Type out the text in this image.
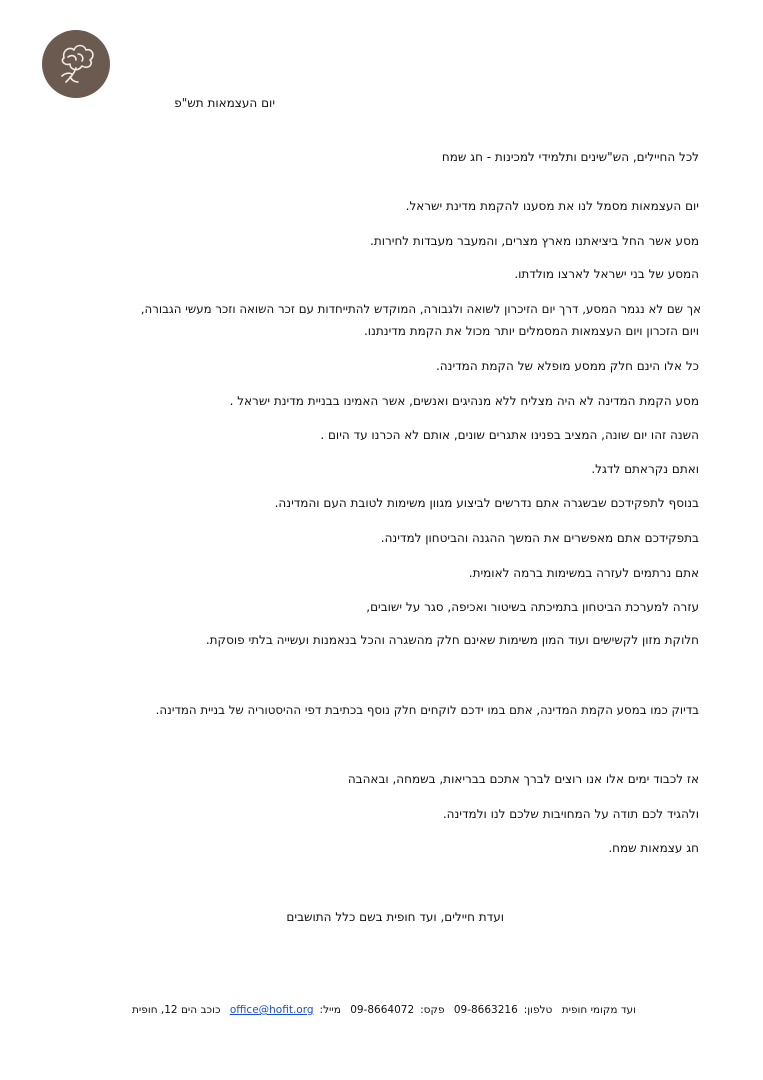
יום העצמאות תש"פ
לכל החיילים, הש"שינים ותלמידי למכינות - חג שמח
יום העצמאות מסמל לנו את מסענו להקמת מדינת ישראל.
מסע אשר החל ביציאתנו מארץ מצרים, והמעבר מעבדות לחירות.
המסע של בני ישראל לארצו מולדתו.
אך שם לא נגמר המסע, דרך יום הזיכרון לשואה ולגבורה, המוקדש להתייחדות עם זכר השואה וזכר מעשי הגבורה,
ויום הזכרון ויום העצמאות המסמלים יותר מכול את הקמת מדינתנו.
כל אלו הינם חלק ממסע מופלא של הקמת המדינה.
מסע הקמת המדינה לא היה מצליח ללא מנהיגים ואנשים, אשר האמינו בבניית מדינת ישראל .
השנה זהו יום שונה, המציב בפנינו אתגרים שונים, אותם לא הכרנו עד היום .
ואתם נקראתם לדגל.
בנוסף לתפקידכם שבשגרה אתם נדרשים לביצוע מגוון משימות לטובת העם והמדינה.
בתפקידכם אתם מאפשרים את המשך ההגנה והביטחון למדינה.
אתם נרתמים לעזרה במשימות ברמה לאומית.
עזרה למערכת הביטחון בתמיכתה בשיטור ואכיפה, סגר על ישובים,
חלוקת מזון לקשישים ועוד המון משימות שאינם חלק מהשגרה והכל בנאמנות ועשייה בלתי פוסקת.
בדיוק כמו במסע הקמת המדינה, אתם במו ידכם לוקחים חלק נוסף בכתיבת דפי ההיסטוריה של בניית המדינה.
אז לכבוד ימים אלו אנו רוצים לברך אתכם בבריאות, בשמחה, ובאהבה
ולהגיד לכם תודה על המחויבות שלכם לנו ולמדינה.
חג עצמאות שמח.
ועדת חיילים, ועד חופית בשם כלל התושבים
ועד מקומי חופית טלפון:09-8663216 פקס:09-8664072 מייל:office@hofit.org כוכב הים 12, חופית
